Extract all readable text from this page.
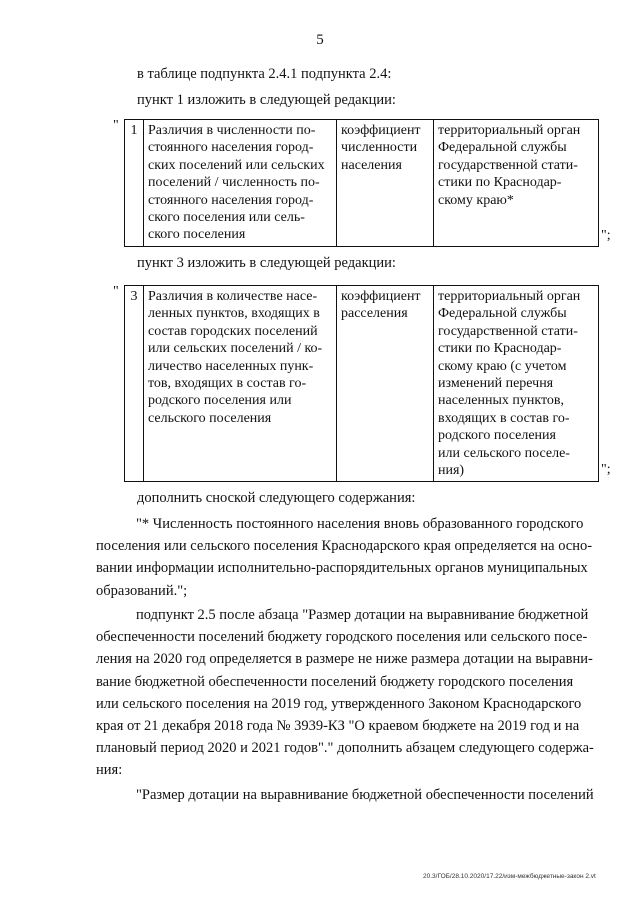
5
в таблице подпункта 2.4.1 подпункта 2.4:
пункт 1 изложить в следующей редакции:
" 1	Различия в численности по-
стоянного населения город-
ских поселений или сельских
поселений / численность по-
стоянного населения город-
ского поселения или сель-
ского поселения	коэффициент
численности
населения	территориальный орган
Федеральной службы
государственной стати-
стики по Краснодар-
скому краю*
";
пункт 3 изложить в следующей редакции:
" 3	Различия в количестве насе-
ленных пунктов, входящих в
состав городских поселений
или сельских поселений / ко-
личество населенных пунк-
тов, входящих в состав го-
родского поселения или
сельского поселения	коэффициент
расселения	территориальный орган
Федеральной службы
государственной стати-
стики по Краснодар-
скому краю (с учетом
изменений перечня
населенных пунктов,
входящих в состав го-
родского поселения
или сельского поселе-
ния)	";
дополнить сноской следующего содержания:
"* Численность постоянного населения вновь образованного городского
поселения или сельского поселения Краснодарского края определяется на осно-
вании информации исполнительно-распорядительных органов муниципальных
образований.";
подпункт 2.5 после абзаца "Размер дотации на выравнивание бюджетной
обеспеченности поселений бюджету городского поселения или сельского посе-
ления на 2020 год определяется в размере не ниже размера дотации на выравни-
вание бюджетной обеспеченности поселений бюджету городского поселения
или сельского поселения на 2019 год, утвержденного Законом Краснодарского
края от 21 декабря 2018 года № 3939-КЗ "О краевом бюджете на 2019 год и на
плановый период 2020 и 2021 годов"." дополнить абзацем следующего содержа-
ния:
"Размер дотации на выравнивание бюджетной обеспеченности поселений
20.3/ГОБ/28.10.2020/17.22/изм-межбюджетные-закон 2.vt
